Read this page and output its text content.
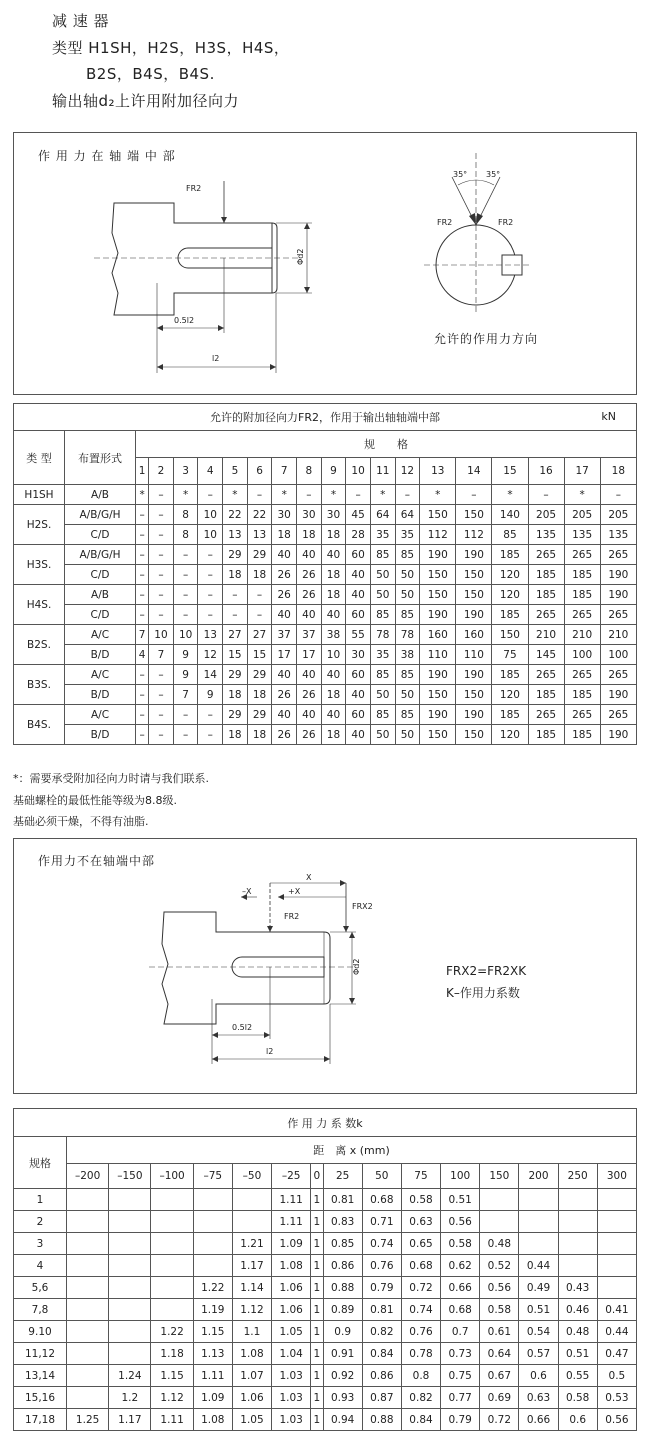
减 速 器
类型 H1SH，H2S，H3S，H4S，
B2S，B4S，B4S.
输出轴d₂上许用附加径向力
作 用 力 在 轴 端 中 部
FR2
Φd2
0.5l2
l2
35° 35°
FR2	FR2
允许的作用力方向
允许的附加径向力FR2，作用于输出轴轴端中部 kN																			

类 型	布置形式	规　　格																	
		1	2	3	4	5	6	7	8	9	10	11	12	13	14	15	16	17	18
H1SH	A/B	*	–	*	–	*	–	*	–	*	–	*	–	*	–	*	–	*	–
H2S.	A/B/G/H	–	–	8	10	22	22	30	30	30	45	64	64	150	150	140	205	205	205
	C/D	–	–	8	10	13	13	18	18	18	28	35	35	112	112	85	135	135	135
H3S.	A/B/G/H	–	–	–	–	29	29	40	40	40	60	85	85	190	190	185	265	265	265
	C/D	–	–	–	–	18	18	26	26	18	40	50	50	150	150	120	185	185	190
H4S.	A/B	–	–	–	–	–	–	26	26	18	40	50	50	150	150	120	185	185	190
	C/D	–	–	–	–	–	–	40	40	40	60	85	85	190	190	185	265	265	265
B2S.	A/C	7	10	10	13	27	27	37	37	38	55	78	78	160	160	150	210	210	210
	B/D	4	7	9	12	15	15	17	17	10	30	35	38	110	110	75	145	100	100
B3S.	A/C	–	–	9	14	29	29	40	40	40	60	85	85	190	190	185	265	265	265
	B/D	–	–	7	9	18	18	26	26	18	40	50	50	150	150	120	185	185	190
B4S.	A/C	–	–	–	–	29	29	40	40	40	60	85	85	190	190	185	265	265	265
	B/D	–	–	–	–	18	18	26	26	18	40	50	50	150	150	120	185	185	190
*：需要承受附加径向力时请与我们联系.
基础螺栓的最低性能等级为8.8级.
基础必须干燥，不得有油脂.
作用力不在轴端中部
–X	+X
X
FR2
FRX2
Φd2
0.5l2
l2
FRX2=FR2XK
K–作用力系数
作 用 力 系 数k															
规格	距　离 x (mm)														
	–200	–150	–100	–75	–50	–25	0	25	50	75	100	150	200	250	300
1						1.11	1	0.81	0.68	0.58	0.51				
2						1.11	1	0.83	0.71	0.63	0.56				
3					1.21	1.09	1	0.85	0.74	0.65	0.58	0.48			
4					1.17	1.08	1	0.86	0.76	0.68	0.62	0.52	0.44		
5,6				1.22	1.14	1.06	1	0.88	0.79	0.72	0.66	0.56	0.49	0.43	
7,8				1.19	1.12	1.06	1	0.89	0.81	0.74	0.68	0.58	0.51	0.46	0.41
9.10			1.22	1.15	1.1	1.05	1	0.9	0.82	0.76	0.7	0.61	0.54	0.48	0.44
11,12			1.18	1.13	1.08	1.04	1	0.91	0.84	0.78	0.73	0.64	0.57	0.51	0.47
13,14		1.24	1.15	1.11	1.07	1.03	1	0.92	0.86	0.8	0.75	0.67	0.6	0.55	0.5
15,16		1.2	1.12	1.09	1.06	1.03	1	0.93	0.87	0.82	0.77	0.69	0.63	0.58	0.53
17,18	1.25	1.17	1.11	1.08	1.05	1.03	1	0.94	0.88	0.84	0.79	0.72	0.66	0.6	0.56
